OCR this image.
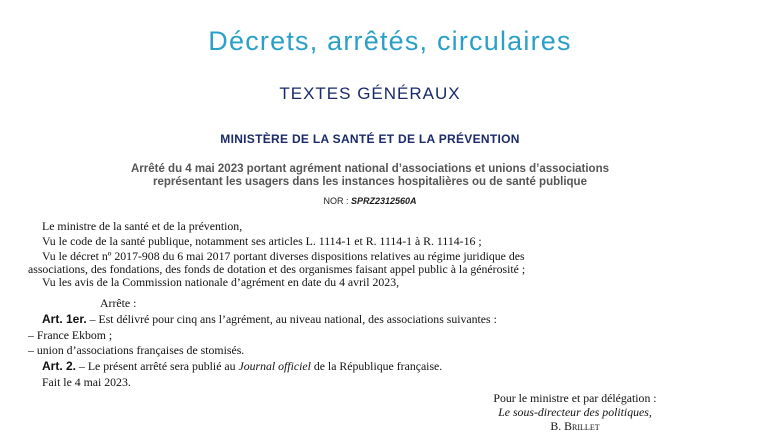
Décrets, arrêtés, circulaires
TEXTES GÉNÉRAUX
MINISTÈRE DE LA SANTÉ ET DE LA PRÉVENTION
Arrêté du 4 mai 2023 portant agrément national d’associations et unions d’associations
représentant les usagers dans les instances hospitalières ou de santé publique
NOR : SPRZ2312560A
Le ministre de la santé et de la prévention,
Vu le code de la santé publique, notamment ses articles L. 1114-1 et R. 1114-1 à R. 1114-16 ;
Vu le décret nº 2017-908 du 6 mai 2017 portant diverses dispositions relatives au régime juridique des
associations, des fondations, des fonds de dotation et des organismes faisant appel public à la générosité ;
Vu les avis de la Commission nationale d’agrément en date du 4 avril 2023,
Arrête :
Art. 1er. – Est délivré pour cinq ans l’agrément, au niveau national, des associations suivantes :
– France Ekbom ;
– union d’associations françaises de stomisés.
Art. 2. – Le présent arrêté sera publié au Journal officiel de la République française.
Fait le 4 mai 2023.
Pour le ministre et par délégation :
Le sous-directeur des politiques,
B. Brillet
